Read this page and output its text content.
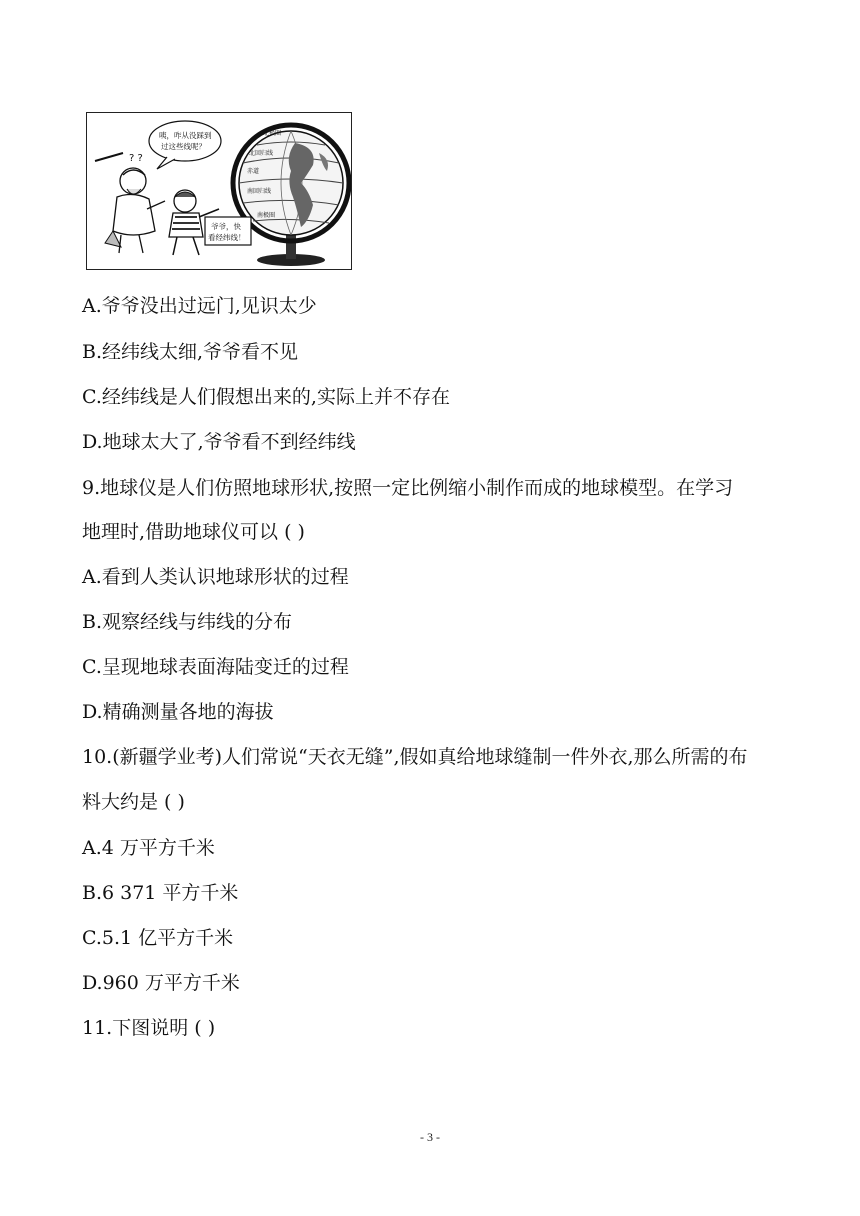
北极圈
北回归线
赤道
南回归线
南极圈
咦，咋从没踩到
过这些线呢？
? ?
爷爷，快
看经纬线！
A.爷爷没出过远门,见识太少
B.经纬线太细,爷爷看不见
C.经纬线是人们假想出来的,实际上并不存在
D.地球太大了,爷爷看不到经纬线
9.地球仪是人们仿照地球形状,按照一定比例缩小制作而成的地球模型。在学习
地理时,借助地球仪可以 ( )
A.看到人类认识地球形状的过程
B.观察经线与纬线的分布
C.呈现地球表面海陆变迁的过程
D.精确测量各地的海拔
10.(新疆学业考)人们常说“天衣无缝”,假如真给地球缝制一件外衣,那么所需的布
料大约是 ( )
A.4 万平方千米
B.6 371 平方千米
C.5.1 亿平方千米
D.960 万平方千米
11.下图说明 ( )
- 3 -
